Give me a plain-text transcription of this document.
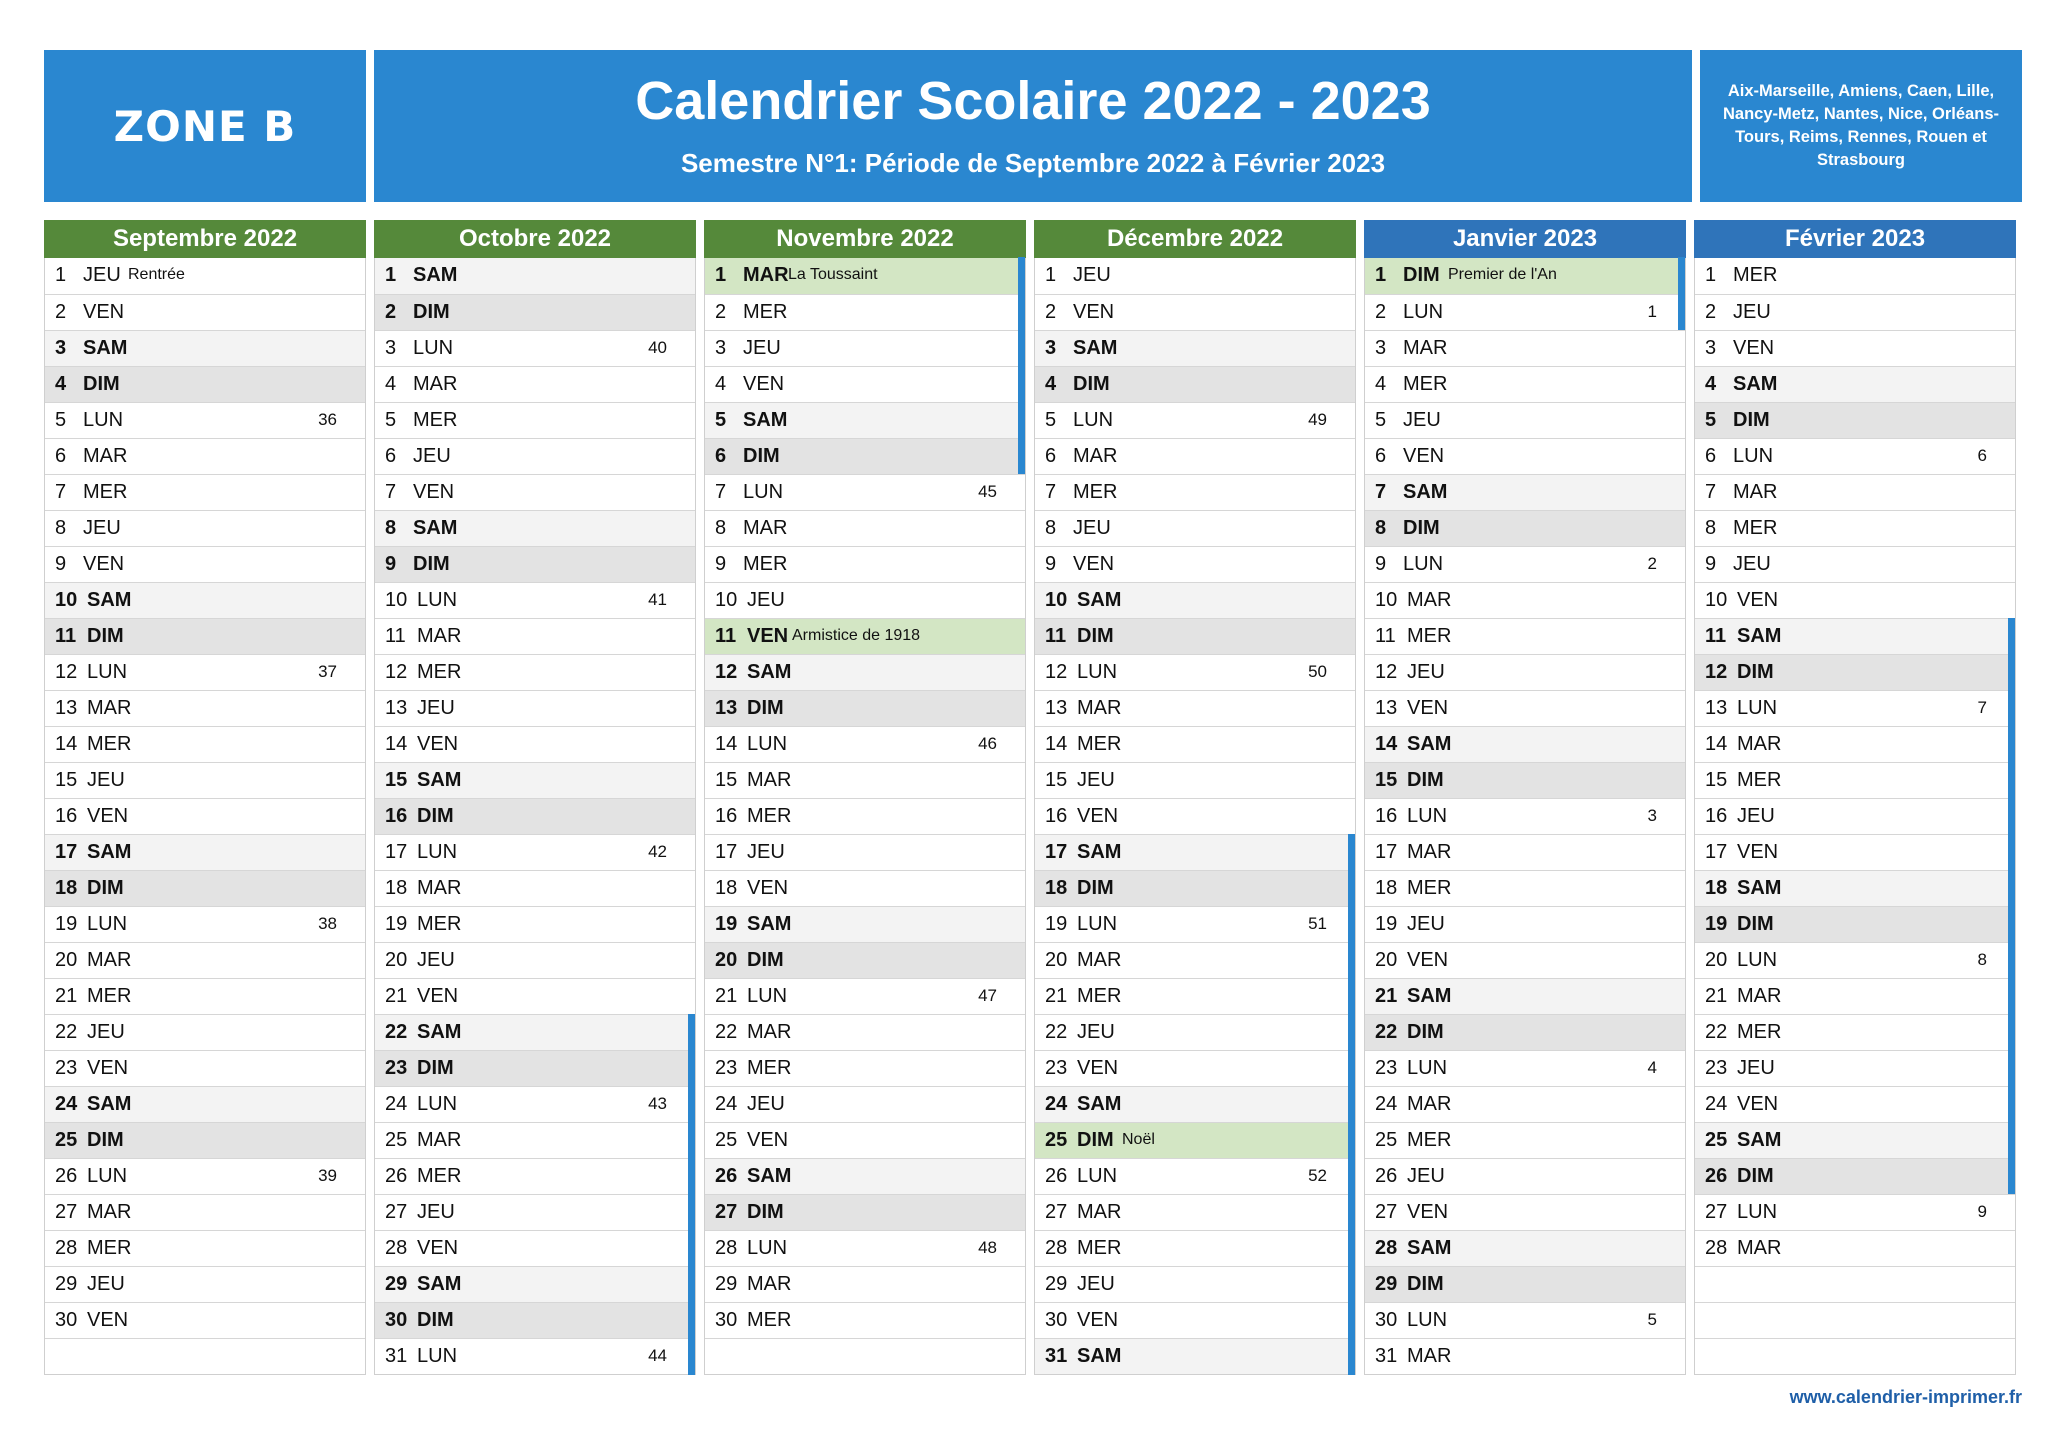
ZONE B	Calendrier Scolaire 2022 - 2023
Semestre N°1: Période de Septembre 2022 à Février 2023
Aix-Marseille, Amiens, Caen, Lille, Nancy-Metz, Nantes, Nice, Orléans-Tours, Reims, Rennes, Rouen et Strasbourg
Septembre 2022
1 JEU Rentrée
2 VEN
3 SAM
4 DIM
5 LUN	36
6 MAR
7 MER
8 JEU
9 VEN
10 SAM
11 DIM
12 LUN	37
13 MAR
14 MER
15 JEU
16 VEN
17 SAM
18 DIM
19 LUN	38
20 MAR
21 MER
22 JEU
23 VEN
24 SAM
25 DIM
26 LUN	39
27 MAR
28 MER
29 JEU
30 VEN
Octobre 2022
1 SAM
2 DIM
3 LUN	40
4 MAR
5 MER
6 JEU
7 VEN
8 SAM
9 DIM
10 LUN	41
11 MAR
12 MER
13 JEU
14 VEN
15 SAM
16 DIM
17 LUN	42
18 MAR
19 MER
20 JEU
21 VEN
22 SAM
23 DIM
24 LUN	43
25 MAR
26 MER
27 JEU
28 VEN
29 SAM
30 DIM
31 LUN	44
Novembre 2022
1 MAR La Toussaint
2 MER
3 JEU
4 VEN
5 SAM
6 DIM
7 LUN	45
8 MAR
9 MER
10 JEU
11 VEN Armistice de 1918
12 SAM
13 DIM
14 LUN	46
15 MAR
16 MER
17 JEU
18 VEN
19 SAM
20 DIM
21 LUN	47
22 MAR
23 MER
24 JEU
25 VEN
26 SAM
27 DIM
28 LUN	48
29 MAR
30 MER
Décembre 2022
1 JEU
2 VEN
3 SAM
4 DIM
5 LUN	49
6 MAR
7 MER
8 JEU
9 VEN
10 SAM
11 DIM
12 LUN	50
13 MAR
14 MER
15 JEU
16 VEN
17 SAM
18 DIM
19 LUN	51
20 MAR
21 MER
22 JEU
23 VEN
24 SAM
25 DIM Noël
26 LUN	52
27 MAR
28 MER
29 JEU
30 VEN
31 SAM
Janvier 2023
1 DIM Premier de l'An
2 LUN	1
3 MAR
4 MER
5 JEU
6 VEN
7 SAM
8 DIM
9 LUN	2
10 MAR
11 MER
12 JEU
13 VEN
14 SAM
15 DIM
16 LUN	3
17 MAR
18 MER
19 JEU
20 VEN
21 SAM
22 DIM
23 LUN	4
24 MAR
25 MER
26 JEU
27 VEN
28 SAM
29 DIM
30 LUN	5
31 MAR
Février 2023
1 MER
2 JEU
3 VEN
4 SAM
5 DIM
6 LUN	6
7 MAR
8 MER
9 JEU
10 VEN
11 SAM
12 DIM
13 LUN	7
14 MAR
15 MER
16 JEU
17 VEN
18 SAM
19 DIM
20 LUN	8
21 MAR
22 MER
23 JEU
24 VEN
25 SAM
26 DIM
27 LUN	9
28 MAR
www.calendrier-imprimer.fr
